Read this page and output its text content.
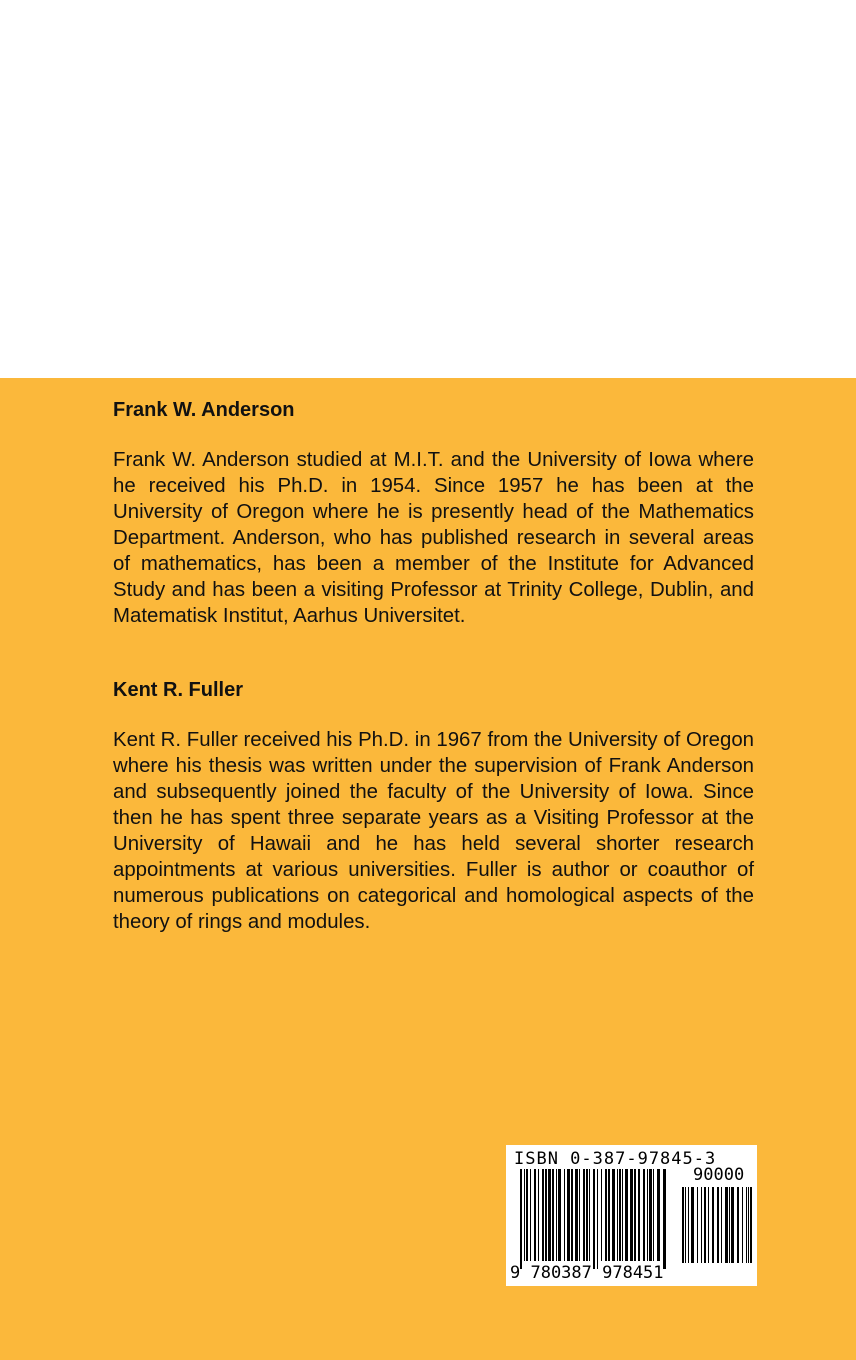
Frank W. Anderson

Frank W. Anderson studied at M.I.T. and the University of Iowa where he received his Ph.D. in 1954. Since 1957 he has been at the University of Oregon where he is presently head of the Mathematics Department. Anderson, who has published research in several areas of mathematics, has been a member of the Institute for Advanced Study and has been a visiting Professor at Trinity College, Dublin, and Matematisk Institut, Aarhus Universitet.

Kent R. Fuller

Kent R. Fuller received his Ph.D. in 1967 from the University of Oregon where his thesis was written under the supervision of Frank Anderson and subsequently joined the faculty of the University of Iowa. Since then he has spent three separate years as a Visiting Professor at the University of Hawaii and he has held several shorter research appointments at various universities. Fuller is author or coauthor of numerous publications on categorical and homological aspects of the theory of rings and modules.

ISBN 0-387-97845-3
90000
9 780387 978451
